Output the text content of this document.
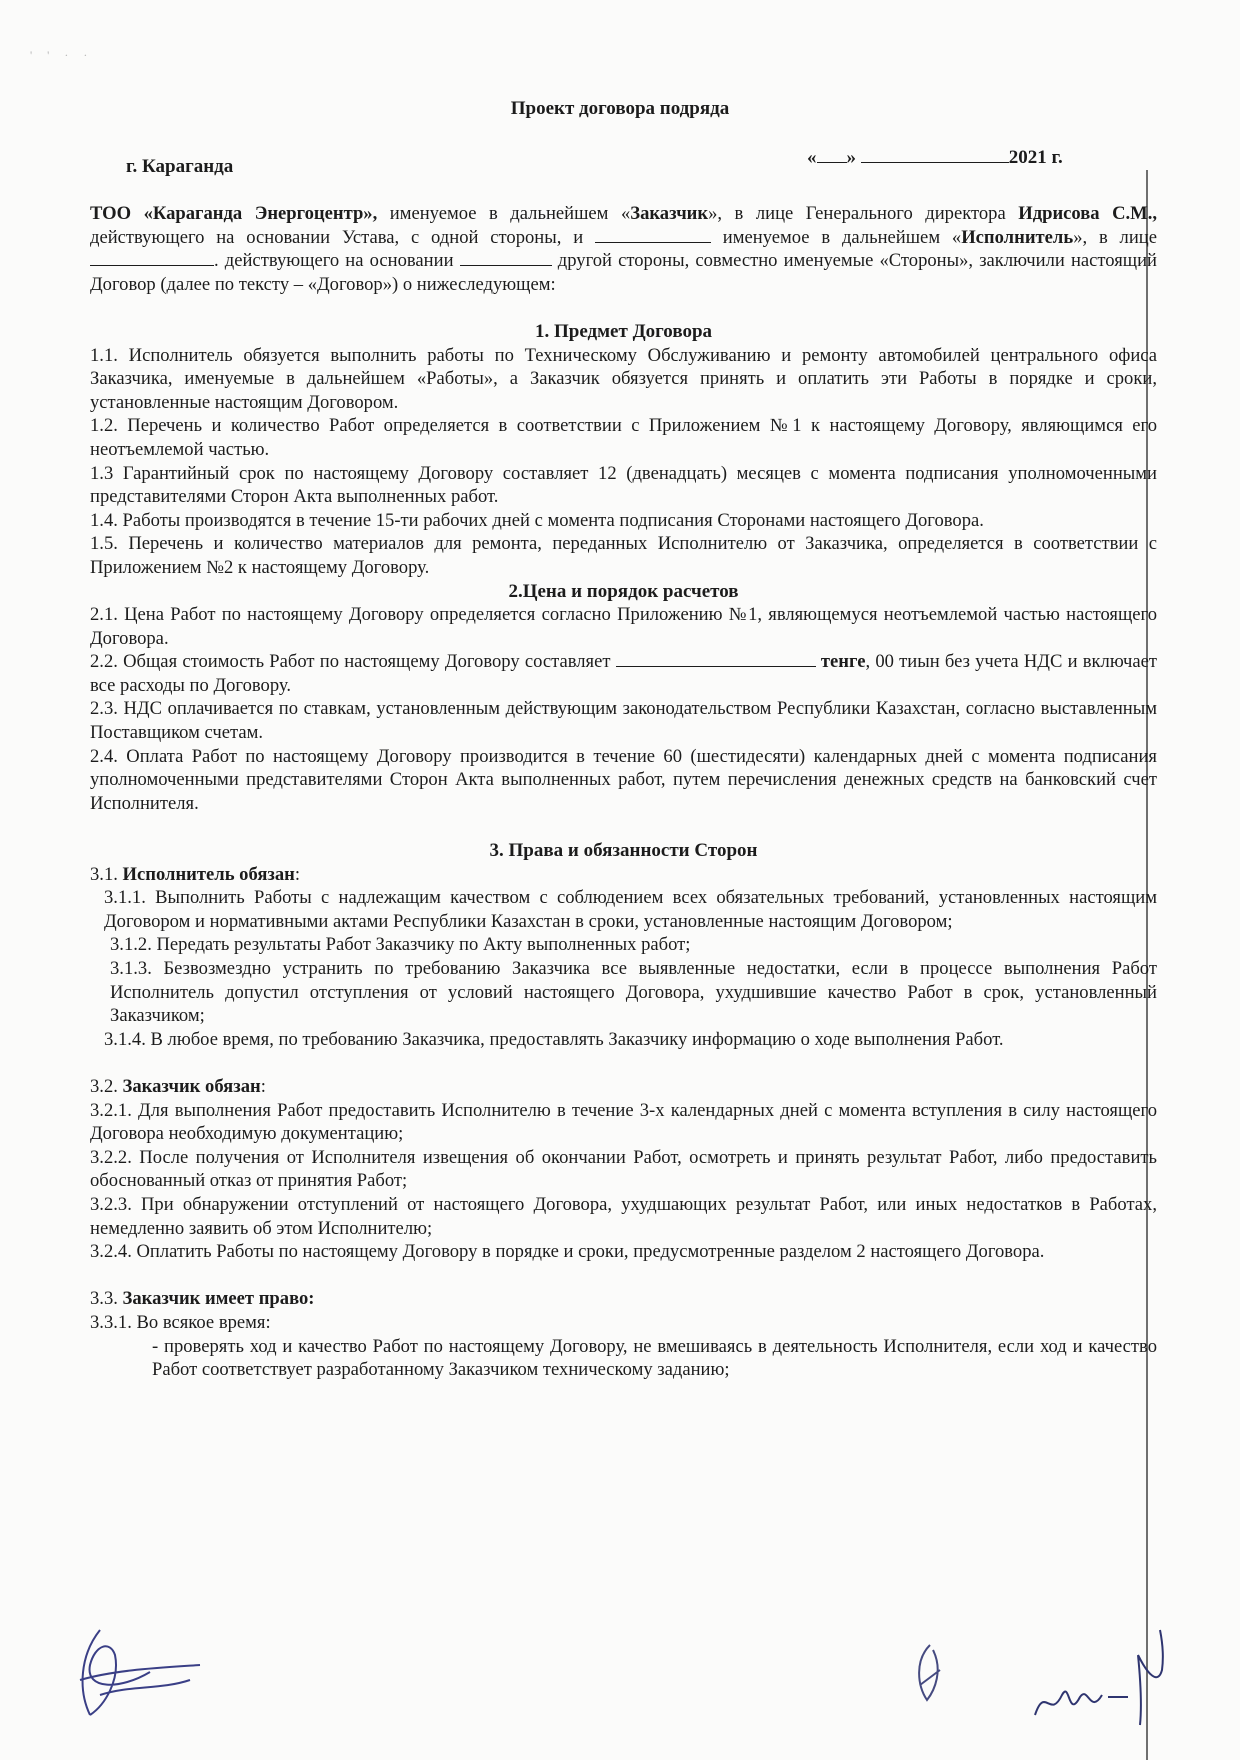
' ' · ·
Проект договора подряда
г. Караганда	« »	2021 г.

ТОО «Караганда Энергоцентр», именуемое в дальнейшем «Заказчик», в лице Генерального директора Идрисова С.М., действующего на основании Устава, с одной стороны, и	именуемое в дальнейшем «Исполнитель», в лице . действующего на основании	другой стороны, совместно именуемые «Стороны», заключили настоящий Договор (далее по тексту – «Договор») о нижеследующем:

1. Предмет Договора

1.1. Исполнитель обязуется выполнить работы по Техническому Обслуживанию и ремонту автомобилей центрального офиса Заказчика, именуемые в дальнейшем «Работы», а Заказчик обязуется принять и оплатить эти Работы в порядке и сроки, установленные настоящим Договором.

1.2. Перечень и количество Работ определяется в соответствии с Приложением №1 к настоящему Договору, являющимся его неотъемлемой частью.

1.3 Гарантийный срок по настоящему Договору составляет 12 (двенадцать) месяцев с момента подписания уполномоченными представителями Сторон Акта выполненных работ.

1.4. Работы производятся в течение 15-ти рабочих дней с момента подписания Сторонами настоящего Договора.

1.5. Перечень и количество материалов для ремонта, переданных Исполнителю от Заказчика, определяется в соответствии с Приложением №2 к настоящему Договору.

2.Цена и порядок расчетов

2.1. Цена Работ по настоящему Договору определяется согласно Приложению №1, являющемуся неотъемлемой частью настоящего Договора.

2.2. Общая стоимость Работ по настоящему Договору составляет	тенге, 00 тиын без учета НДС и включает все расходы по Договору.

2.3. НДС оплачивается по ставкам, установленным действующим законодательством Республики Казахстан, согласно выставленным Поставщиком счетам.

2.4. Оплата Работ по настоящему Договору производится в течение 60 (шестидесяти) календарных дней с момента подписания уполномоченными представителями Сторон Акта выполненных работ, путем перечисления денежных средств на банковский счет Исполнителя.

3. Права и обязанности Сторон

3.1. Исполнитель обязан:

3.1.1. Выполнить Работы с надлежащим качеством с соблюдением всех обязательных требований, установленных настоящим Договором и нормативными актами Республики Казахстан в сроки, установленные настоящим Договором;

3.1.2. Передать результаты Работ Заказчику по Акту выполненных работ;

3.1.3. Безвозмездно устранить по требованию Заказчика все выявленные недостатки, если в процессе выполнения Работ Исполнитель допустил отступления от условий настоящего Договора, ухудшившие качество Работ в срок, установленный Заказчиком;

3.1.4. В любое время, по требованию Заказчика, предоставлять Заказчику информацию о ходе выполнения Работ.

3.2. Заказчик обязан:

3.2.1. Для выполнения Работ предоставить Исполнителю в течение 3-х календарных дней с момента вступления в силу настоящего Договора необходимую документацию;

3.2.2. После получения от Исполнителя извещения об окончании Работ, осмотреть и принять результат Работ, либо предоставить обоснованный отказ от принятия Работ;

3.2.3. При обнаружении отступлений от настоящего Договора, ухудшающих результат Работ, или иных недостатков в Работах, немедленно заявить об этом Исполнителю;

3.2.4. Оплатить Работы по настоящему Договору в порядке и сроки, предусмотренные разделом 2 настоящего Договора.

3.3. Заказчик имеет право:

3.3.1. Во всякое время:

- проверять ход и качество Работ по настоящему Договору, не вмешиваясь в деятельность Исполнителя, если ход и качество Работ соответствует разработанному Заказчиком техническому заданию;
